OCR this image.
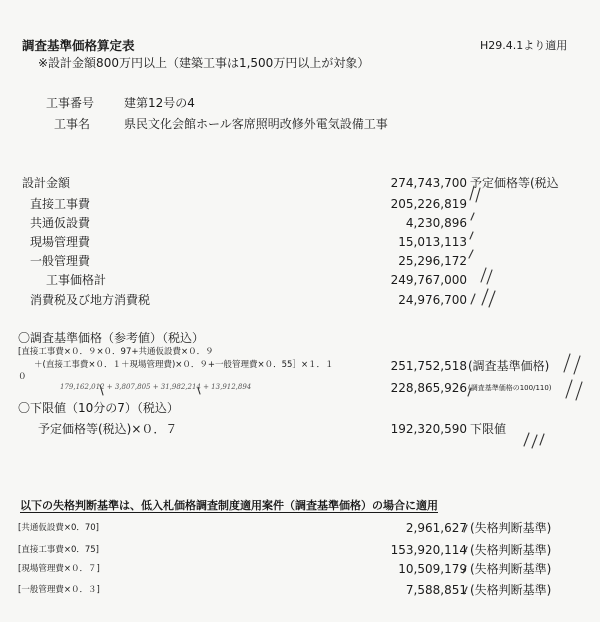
調査基準価格算定表
※設計金額800万円以上（建築工事は1,500万円以上が対象）
H29.4.1より適用
工事番号 建第12号の4
工事名	県民文化会館ホール客席照明改修外電気設備工事
設計金額	274,743,700 予定価格等(税込
直接工事費	205,226,819
共通仮設費	4,230,896
現場管理費	15,013,113
一般管理費	25,296,172
工事価格計	249,767,000
消費税及び地方消費税	24,976,700
〇調査基準価格（参考値）（税込）
[直接工事費×０．９×０．97+共通仮設費×０．９
＋(直接工事費×０．１＋現場管理費)×０．９+一般管理費×０．55］×１．１
０
179,162,012 + 3,807,805 + 31,982,214 + 13,912,894
251,752,518 (調査基準価格)
228,865,926 (調査基準価格の100/110)
〇下限値（10分の7）（税込）
予定価格等(税込)×０．７	192,320,590 下限値
以下の失格判断基準は、低入札価格調査制度適用案件（調査基準価格）の場合に適用
[共通仮設費×0．70]	2,961,627 (失格判断基準)
[直接工事費×0．75]	153,920,114 (失格判断基準)
[現場管理費×０．７]	10,509,179 (失格判断基準)
[一般管理費×０．３]	7,588,851 (失格判断基準)
